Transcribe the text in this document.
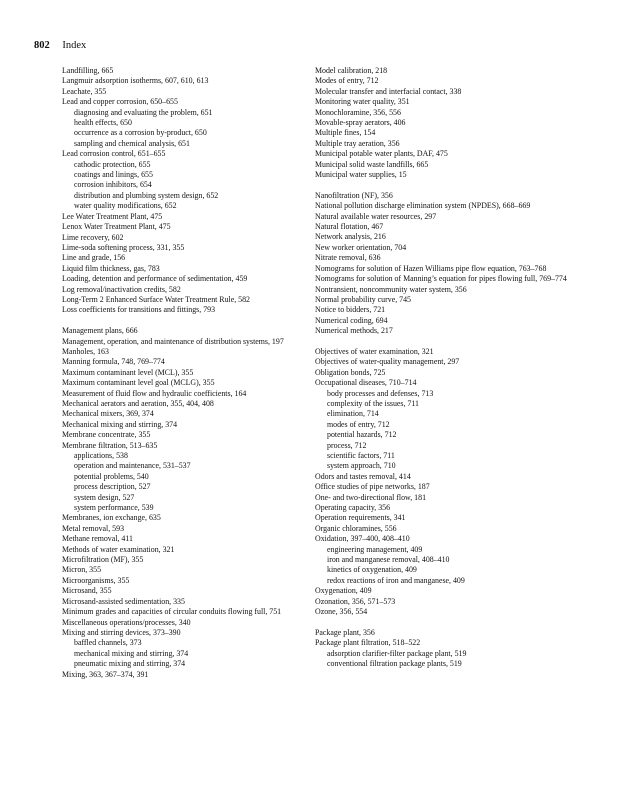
802 Index
Landfilling, 665
Langmuir adsorption isotherms, 607, 610, 613
Leachate, 355
Lead and copper corrosion, 650–655
diagnosing and evaluating the problem, 651
health effects, 650
occurrence as a corrosion by-product, 650
sampling and chemical analysis, 651
Lead corrosion control, 651–655
cathodic protection, 655
coatings and linings, 655
corrosion inhibitors, 654
distribution and plumbing system design, 652
water quality modifications, 652
Lee Water Treatment Plant, 475
Lenox Water Treatment Plant, 475
Lime recovery, 602
Lime-soda softening process, 331, 355
Line and grade, 156
Liquid film thickness, gas, 783
Loading, detention and performance of sedimentation, 459
Log removal/inactivation credits, 582
Long-Term 2 Enhanced Surface Water Treatment Rule, 582
Loss coefficients for transitions and fittings, 793
Management plans, 666
Management, operation, and maintenance of distribution systems, 197
Manholes, 163
Manning formula, 748, 769–774
Maximum contaminant level (MCL), 355
Maximum contaminant level goal (MCLG), 355
Measurement of fluid flow and hydraulic coefficients, 164
Mechanical aerators and aeration, 355, 404, 408
Mechanical mixers, 369, 374
Mechanical mixing and stirring, 374
Membrane concentrate, 355
Membrane filtration, 513–635
applications, 538
operation and maintenance, 531–537
potential problems, 540
process description, 527
system design, 527
system performance, 539
Membranes, ion exchange, 635
Metal removal, 593
Methane removal, 411
Methods of water examination, 321
Microfiltration (MF), 355
Micron, 355
Microorganisms, 355
Microsand, 355
Microsand-assisted sedimentation, 335
Minimum grades and capacities of circular conduits flowing full, 751
Miscellaneous operations/processes, 340
Mixing and stirring devices, 373–390
baffled channels, 373
mechanical mixing and stirring, 374
pneumatic mixing and stirring, 374
Mixing, 363, 367–374, 391
Model calibration, 218
Modes of entry, 712
Molecular transfer and interfacial contact, 338
Monitoring water quality, 351
Monochloramine, 356, 556
Movable-spray aerators, 406
Multiple fines, 154
Multiple tray aeration, 356
Municipal potable water plants, DAF, 475
Municipal solid waste landfills, 665
Municipal water supplies, 15
Nanofiltration (NF), 356
National pollution discharge elimination system (NPDES), 668–669
Natural available water resources, 297
Natural flotation, 467
Network analysis, 216
New worker orientation, 704
Nitrate removal, 636
Nomograms for solution of Hazen Williams pipe flow equation, 763–768
Nomograms for solution of Manning’s equation for pipes flowing full, 769–774
Nontransient, noncommunity water system, 356
Normal probability curve, 745
Notice to bidders, 721
Numerical coding, 694
Numerical methods, 217
Objectives of water examination, 321
Objectives of water-quality management, 297
Obligation bonds, 725
Occupational diseases, 710–714
body processes and defenses, 713
complexity of the issues, 711
elimination, 714
modes of entry, 712
potential hazards, 712
process, 712
scientific factors, 711
system approach, 710
Odors and tastes removal, 414
Office studies of pipe networks, 187
One- and two-directional flow, 181
Operating capacity, 356
Operation requirements, 341
Organic chloramines, 556
Oxidation, 397–400, 408–410
engineering management, 409
iron and manganese removal, 408–410
kinetics of oxygenation, 409
redox reactions of iron and manganese, 409
Oxygenation, 409
Ozonation, 356, 571–573
Ozone, 356, 554
Package plant, 356
Package plant filtration, 518–522
adsorption clarifier-filter package plant, 519
conventional filtration package plants, 519
